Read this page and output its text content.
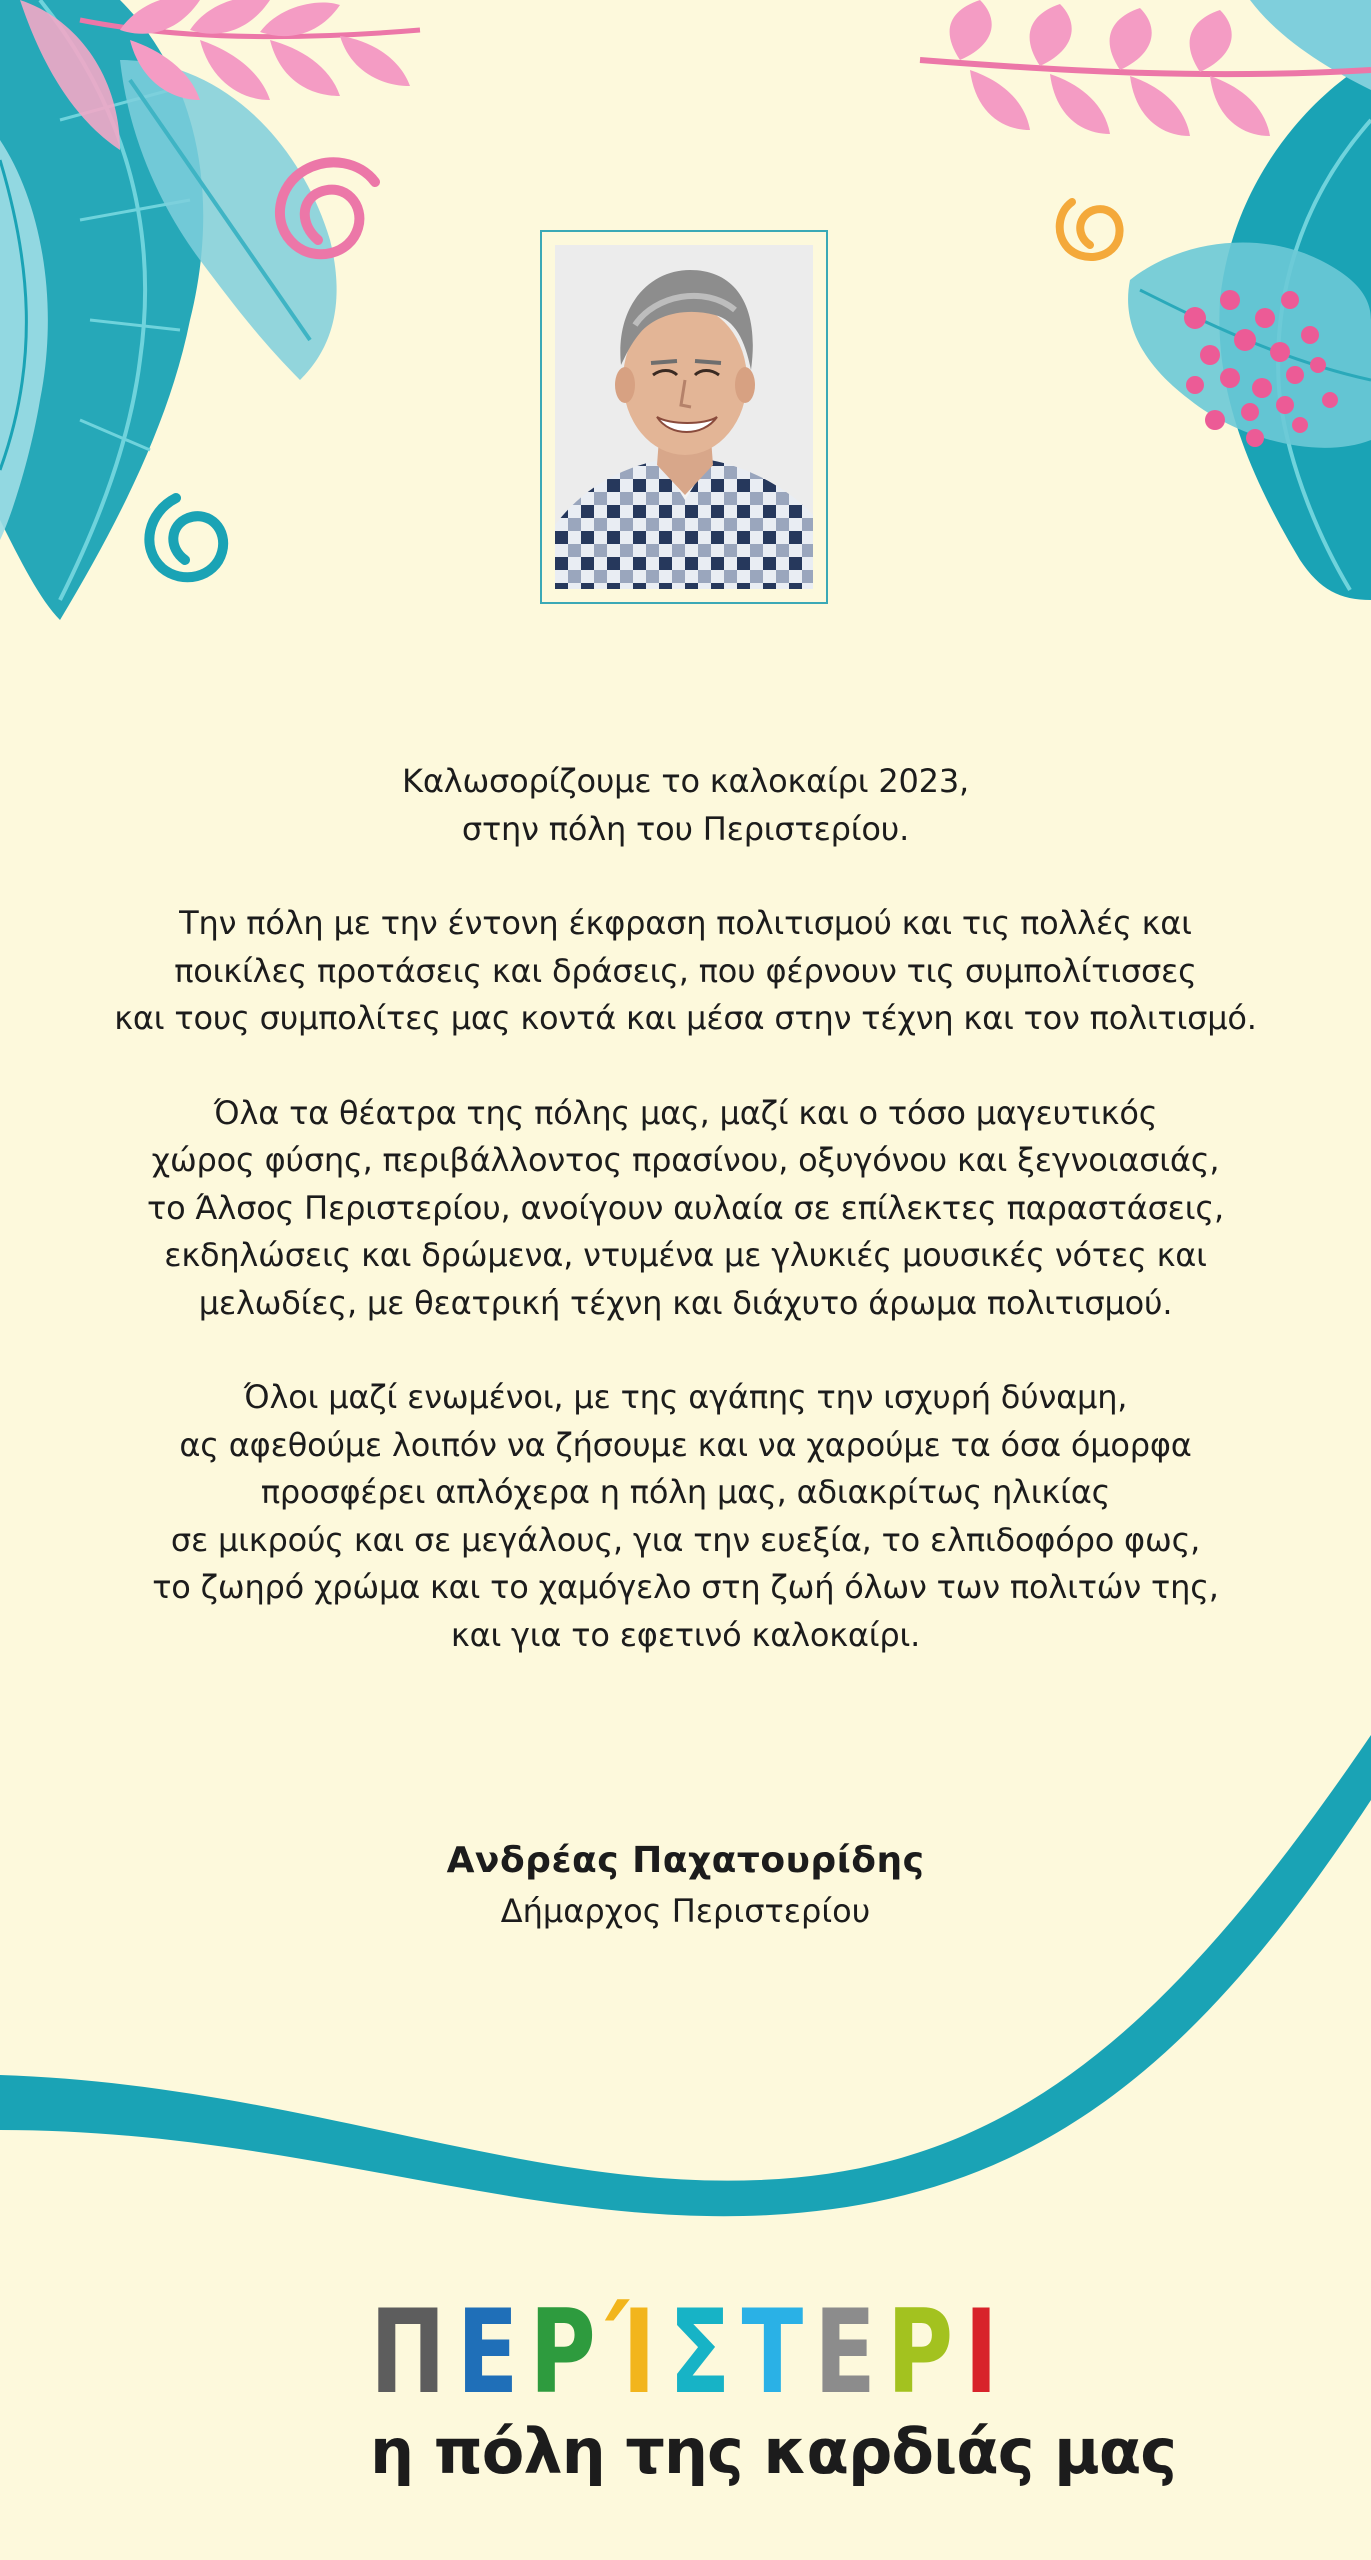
Καλωσορίζουμε το καλοκαίρι 2023,
στην πόλη του Περιστερίου.

Την πόλη με την έντονη έκφραση πολιτισμού και τις πολλές και
ποικίλες προτάσεις και δράσεις, που φέρνουν τις συμπολίτισσες
και τους συμπολίτες μας κοντά και μέσα στην τέχνη και τον πολιτισμό.

Όλα τα θέατρα της πόλης μας, μαζί και ο τόσο μαγευτικός
χώρος φύσης, περιβάλλοντος πρασίνου, οξυγόνου και ξεγνοιασιάς,
το Άλσος Περιστερίου, ανοίγουν αυλαία σε επίλεκτες παραστάσεις,
εκδηλώσεις και δρώμενα, ντυμένα με γλυκιές μουσικές νότες και
μελωδίες, με θεατρική τέχνη και διάχυτο άρωμα πολιτισμού.

Όλοι μαζί ενωμένοι, με της αγάπης την ισχυρή δύναμη,
ας αφεθούμε λοιπόν να ζήσουμε και να χαρούμε τα όσα όμορφα
προσφέρει απλόχερα η πόλη μας, αδιακρίτως ηλικίας
σε μικρούς και σε μεγάλους, για την ευεξία, το ελπιδοφόρο φως,
το ζωηρό χρώμα και το χαμόγελο στη ζωή όλων των πολιτών της,
και για το εφετινό καλοκαίρι.

Ανδρέας Παχατουρίδης
Δήμαρχος Περιστερίου
Π Ε Ρ Ί Σ Τ Ε Ρ Ι
η πόλη της καρδιάς μας
